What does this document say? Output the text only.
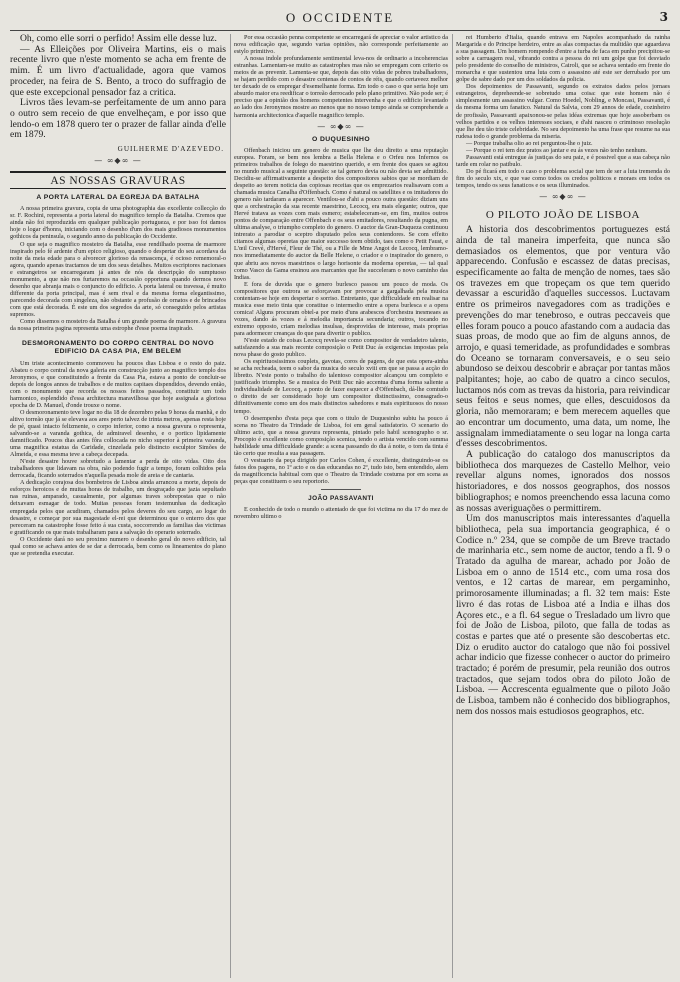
O OCCIDENTE	3

Oh, como elle sorri o perfido! Assim elle desse luz.

— As Elleições por Oliveira Martins, eis o mais recente livro que n'este momento se acha em frente de mim. É um livro d'actualidade, agora que vamos proceder, na feira de S. Bento, a troco do suffragio de que este excepcional pensador faz a critica.

Livros tães levam-se perfeitamente de um anno para o outro sem receio de que envelheçam, e por isso que lendo-o em 1878 quero ter o prazer de fallar ainda d'elle em 1879.

GUILHERME D'AZEVEDO.

— ∞◆∞ —
AS NOSSAS GRAVURAS
A PORTA LATERAL DA EGREJA DA BATALHA

A nossa primeira gravura, copia de uma photographia das excellente collecção do sr. F. Rochini, representa a porta lateral do magnifico templo da Batalha. Cremos que ainda não foi reproduzida em qualquer publicação portugueza, e por isso foi damos hoje o logar d'honra, iniciando com o desenho d'um dos mais gradiosos monumentos gothicos da peninsula, o segundo anno da publicação do Occidente.

O que seja o magnifico mosteiro da Batalha, esse rendilhado poema de marmore inspirado pelo fé ardente d'um epico religioso, quando o despertar do seu acordava da noite da meia edade para o alvorecer glorioso da renascença, é ocioso rememoral-o agora, quando apenas tractamos de um dos seus detalhes. Muitos escriptores nacionaes e estrangeiros se encarregaram já antes de nós da descripção do sumptuoso monumento, a que não nos furtaremos na occasião opportuna quando dermos novo desenho que abranja mais o conjuncto do edificio. A porta lateral ou travessa, é muito differente da porta principal, mas é sem rival e da mesma forma elegantissimo, parecendo decorada com singeleza, não obstante a profusão de ornatos e de brincados com que está decorada. É este um dos segredos da arte, só conseguido pelos artistas supremos.

Como dissemos o mosteiro da Batalha é um grande poema de marmore. A gravura da nossa primeira pagina representa uma estrophe d'esse poema inspirado.

DESMORONAMENTO DO CORPO CENTRAL DO NOVO EDIFICIO DA CASA PIA, EM BELEM

Um triste acontecimento commoveu ha poucos dias Lisboa e o resto do paiz. Abateu o corpo central da nova galeria em construcção junto ao magnifico templo dos Jeronymos, e que constituindo a frente da Casa Pia, estava a ponto de concluir-se depois de longos annos de trabalhos e de muitos capitaes dispendidos, devendo então, com o monumento que recorda os nossos feitos passados, constituir um todo harmonico, esplendido d'essa architectura maravilhosa que hoje assignala a gloriosa epocha de D. Manuel, d'onde trouxe o nome.

O desmoronamento teve logar no dia 18 de dezembro pelas 9 horas da manhã, e do altivo torreão que já se elevava aos ares perto talvez de trinta metros, apenas resta hoje de pé, quasi intacto felizmente, o corpo inferior, como a nossa gravura o representa, salvando-se a varanda gothica, de admiravel desenho, e o portico lipidamente damnificado. Poucos dias antes fôra collocada no nicho superior à primeira varanda, uma magnifica estatua da Caridade, cinzelada pelo distincto esculptor Simões de Almeida, e essa mesma teve a cabeça decepada.

N'este desastre houve sobretudo a lamentar a perda de oito vidas. Oito dos trabalhadores que lidavam na obra, não podendo fugir a tempo, foram colhidos pela derrocada, ficando soterrados n'aquella pesada mole de areia e de cantaria.

A dedicação corajosa dos bombeiros de Lisboa ainda arrancou a morte, depois de esforços heroicos e de muitas horas de trabalho, um desgraçado que jazia sepultado nas ruinas, amparado, casualmente, por algumas traves sobrepostas que o não deixavam esmagar de todo. Muitas pessoas foram testemunhas da dedicação empregada pelos que acudiram, chamados pelos deveres do seu cargo, ao logar do desastre, e começar por sua magestade el-rei que determinou que o enterro dos que pereceram na catastrophe fosse feito á sua custa, soccorrendo as familias das victimas e gratificando os que mais trabalharam para a salvação do operario soterrado.

O Occidente dará no seu proximo numero o desenho geral do novo edificio, tal qual como se achava antes de se dar a derrocada, bem como os lineamentos do plano que se pretendia executar.

Por essa occasião penna competente se encarregará de apreciar o valor artistico da nova edificação que, segundo varias opiniões, não corresponde perfeitamente ao estylo primitivo.

A nossa indole profundamente sentimental leva-nos de ordinario a incoherencias estranhas. Lamentam-se muito as catastrophes mas não se empregam com criterio os meios de as prevenir. Lamenta-se que, depois das oito vidas de pobres trabalhadores, se hajam perdido com o desastre centenas de contos de réis, quando certaveez melhor ter dexado de os empregar d'esemelhante forma. Em todo o caso o que seria hoje um absurdo maior era reedificar o torreão derrocado pelo plano primitivo. Não pode ser; é preciso que a opinião dos homens competentes intervenha e que o edificio levantado ao lado dos Jeronymos mostre ao menos que no nosso tempo ainda se comprehende a harmonia architectonica d'aquelle magnifico templo.

— ∞◆∞ —
O DUQUESINHO

Offenbach iniciou um genero de musica que lhe deu direito a uma reputação europea. Foram, se bem nos lembra a Bella Helena e o Orfeu nos Infernos os primeiros trabalhos de folego do maestrino querido, e em frente dos quaes se agitou no mundo musical a seguinte questão: se tal genero devia ou não devia ser admittido. Decidiu-se affirmativamente a despeito dos compositores sabios que se mordiam de despeito ao terem noticia das copiosas receitas que os emprezarios realisavam com a chamada musica Canalha d'Offenbach. Como é natural os satellites e os imitadores do genero não tardaram a aparecer. Ventilou-se d'ahi a pouco outra questão: diziam uns que a orchestração da sua recente maestrino, Lecocq, era mais elegante; outros, que Hervé tratava as vozes com mais esmero; estabeleceram-se, em fim, muitos outros pontos de comparação entre Offenbach e os seus emitadores, resultando da pugna, em ultima analyse, o triumpho completo do genero. O auctor da Gran-Duqueza continuou intrerato a parodiar o sceptro disputado pelos seus contendores. Se com effeito citamos algumas operetas que maior successo teem obtido, taes como o Petit Faust, e L'œil Crevé, d'Hervé, Fleur de Thé, ou a Fille de Mme Angot de Lecocq, lembramo-nos immediatamente do auctor da Belle Helene, o criador e o inspirador do genero, o que abriu aos novos maestrinos o largo horisonte da moderna operetas, — tal qual como Vasco da Gama ensinou aos marcantes que lhe succeleram o novo caminho das Indias.

E fora de duvida que o genero burlesco passou um pouco de moda. Os compositores que outrora se esforçavam por provocar a gargalhada pela musica contentam-se hoje em despertar o sorriso. Entretanto, que difficuldade em realisar na musica esse meio tinta que constitue o intermedio entre a opera burlesca e a opera comica! Alguns procuram obtel-a por meio d'uns arabescos d'orchestra inesmeaes as vozes, dando ás vozes e á melodia importancia secundaria; outros, tocando no extremo opposto, criam melodias insulsas, desprovidas de interesse, mais proprias para adormecer creanças do que para divertir o publico.

N'este estado de coisas Lecocq revela-se como compositor de verdadeiro talento, satisfazendo a sua mais recente composição o Petit Duc ás exigencias impostas pela nova phase do gosto publico.

Os espirituosissimos couplets, gavotas, coros de pagens, de que esta opera-ainha se acha recheada, teem o sabor da musica do seculo xviii em que se passa a acção do libretto. N'este ponto o trabalho do talentoso compositor alcançou um completo e justificado triumpho. Se a musica do Petit Duc não accentua d'uma forma saliente a individualidade de Lecocq, a ponto de fazer esquecer a d'Offenbach, dá-lhe comtudo o direito de ser considerado hoje um compositor distinctissimo, consagrado-o difinitivamente como um dos mais distinctos sahedores e mais espirituosos do nosso tempo.

O desempenho d'esta peça que com o titulo de Duquesinho subiu ha pouco á scena no Theatro da Trindade de Lisboa, foi em geral satisfatorio. O scenario do ultimo acto, que a nossa gravura representa, pintado pelo habil scenographo o sr. Procopio é excellente como composição scenica, tendo o artista vencido com summa habilidade uma difficuldade grande: a scena passando do dia á noite, o tom da tinta é tão certo que resulta a sua passagem.

O vestuario da peça dirigido por Carlos Cohen, é excellente, distinguindo-se os fatos dos pagens, no 1º acto e os das educandas no 2º, tudo isto, bem entendido, alem da magnificencia habitual com que o Theatro da Trindade costuma por em scena as peças que constituem o seu reportorio.

JOÃO PASSAVANTI

E conhecido de todo o mundo o attentado de que foi victima no dia 17 do mez de novembro ultimo o

rei Humberto d'Italia, quando entrava em Napoles acompanhado da rainha Margarida e do Principe herdeiro, entre as alas compactas da multidão que aguardava a sua passagem. Um homem rompendo d'entre a turba de faca em punho precipitou-se sobre a carruagem real, vibrando contra a pessoa do rei um golpe que foi desviado pelo presidente do conselho de ministros, Cairoli, que se achava sentado em frente do monarcha e que sustentou uma luta com o assassino até este ser derrubado por um golpe de sabre dado por um dos soldados da policia.

Dos depoimentos de Passavanti, segundo os extratos dados pelos jornaes estrangeiros, depreheende-se sobretudo uma coisa: que este homem não é simplesmente um assassino vulgar. Como Hoedel, Nobling, e Moncasi, Passavanti, é da mesma forma um fanatico. Natural da Salvia, com 29 annos de edade, cozinheiro de profissão, Passavanti apaixonou-se pelas idéas extremas que hoje assoberbam os velhos partidos e os velhos interesses sociaes, e d'ahi nasceu o criminoso resolução que lhe deu tão triste celebridade. No seu depoimento ha uma frase que resume na sua rudesa todo o grande problema da miseria.

— Porque trabalha olio ao rei perguntou-lhe o juiz.

— Porque o rei tem dez pratos ao jantar e eu ás vezes não tenho nenhum.

Passavanti está entregue ás justiças do seu paiz, e é possivel que a sua cabeça não tarde em rolar no patibulo.

Do pé ficará em todo o caso o problema social que tem de ser a luta tremenda do fim do seculo xix, e que vae como todos os credos politicos e moraes em todos os tempos, tendo os seus fanaticos e os seus illuminados.

— ∞◆∞ —
O PILOTO JOÃO DE LISBOA

A historia dos descobrimentos portuguezes está ainda de tal maneira imperfeita, que nunca são demasiados os elementos, que por ventura vão apparecendo. Confusão e escassez de datas precisas, especificamente ao falta de menção de nomes, taes são os travezes em que tropeçam os que tem querido devassar a escuridão d'aquelles successos. Luctavam entre os primeiros navegadores com as tradições e prevenções do mar tenebroso, e outras peccaveis que elles foram pouco a pouco afastando com a audacia das suas proas, de modo que ao fim de alguns annos, de arrojo, e quasi temeridade, as profundidades e sombras do Oceano se tornaram conversaveis, e o seu seio abundoso se deixou descobrir e abraçar por tantas mãos palpitantes; hoje, ao cabo de quatro a cinco seculos, luctamos nós com as trevas da historia, para reivindicar seus feitos e seus nomes, que elles, descuidosos da gloria, não memoraram; e bem merecem aquelles que ao encontrar um documento, uma data, um nome, lhe assignalam immediatamente o seu logar na longa carta d'esses descobrimentos.

A publicação do catalogo dos manuscriptos da bibliotheca dos marquezes de Castello Melhor, veio revellar alguns nomes, ignorados dos nossos historiadores, e dos nossos geographos, dos nossos bibliographos; e nomos preenchendo essa lacuna como as nossas averiguações o permittirem.

Um dos manuscriptos mais interessantes d'aquella bibliotheca, pela sua importancia geographica, é o Codice n.º 234, que se compõe de um Breve tractado de marinharia etc., sem nome de auctor, tendo a fl. 9 o Tratado da agulha de marear, achado por João de Lisboa em o anno de 1514 etc., com uma rosa dos ventos, e 12 cartas de marear, em pergaminho, primorosamente illuminadas; a fl. 32 tem mais: Este livro é das rotas de Lisboa até a India e ilhas dos Açores etc., e a fl. 64 segue o Tresladado um livro que foi de João de Lisboa, piloto, que falla de todas as costas e partes que até o presente são descobertas etc. Diz o erudito auctor do catalogo que não foi possivel achar indicio que fizesse conhecer o auctor do primeiro tractado; é porém de presumir, pela reunião dos outros tractados, que sejam todos obra do piloto João de Lisboa. — Accrescenta egualmente que o piloto João de Lisboa, tambem não é conhecido dos bibliographos, nem dos nossos mais estudiosos geographos, etc.
